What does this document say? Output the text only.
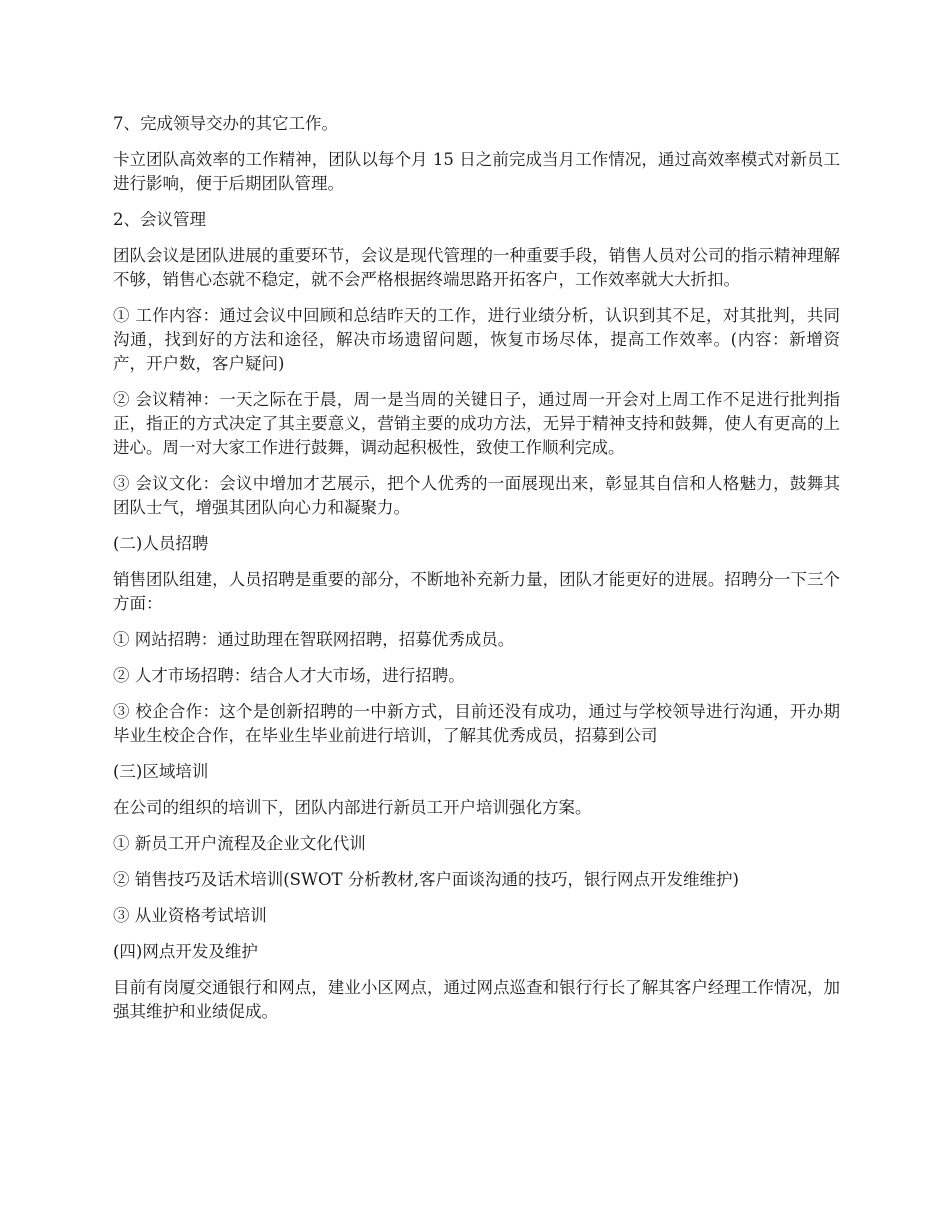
7、完成领导交办的其它工作。

卡立团队高效率的工作精神，团队以每个月 15 日之前完成当月工作情况，通过高效率模式对新员工进行影响，便于后期团队管理。

2、会议管理

团队会议是团队进展的重要环节，会议是现代管理的一种重要手段，销售人员对公司的指示精神理解不够，销售心态就不稳定，就不会严格根据终端思路开拓客户，工作效率就大大折扣。

① 工作内容：通过会议中回顾和总结昨天的工作，进行业绩分析，认识到其不足，对其批判，共同沟通，找到好的方法和途径，解决市场遗留问题，恢复市场尽体，提高工作效率。(内容：新增资产，开户数，客户疑问)

② 会议精神：一天之际在于晨，周一是当周的关键日子，通过周一开会对上周工作不足进行批判指正，指正的方式决定了其主要意义，营销主要的成功方法，无异于精神支持和鼓舞，使人有更高的上进心。周一对大家工作进行鼓舞，调动起积极性，致使工作顺利完成。

③ 会议文化：会议中增加才艺展示，把个人优秀的一面展现出来，彰显其自信和人格魅力，鼓舞其团队士气，增强其团队向心力和凝聚力。

(二)人员招聘

销售团队组建，人员招聘是重要的部分，不断地补充新力量，团队才能更好的进展。招聘分一下三个方面：

① 网站招聘：通过助理在智联网招聘，招募优秀成员。

② 人才市场招聘：结合人才大市场，进行招聘。

③ 校企合作：这个是创新招聘的一中新方式，目前还没有成功，通过与学校领导进行沟通，开办期毕业生校企合作，在毕业生毕业前进行培训，了解其优秀成员，招募到公司

(三)区域培训

在公司的组织的培训下，团队内部进行新员工开户培训强化方案。

① 新员工开户流程及企业文化代训

② 销售技巧及话术培训(SWOT 分析教材,客户面谈沟通的技巧，银行网点开发维维护)

③ 从业资格考试培训

(四)网点开发及维护

目前有岗厦交通银行和网点，建业小区网点，通过网点巡查和银行行长了解其客户经理工作情况，加强其维护和业绩促成。
